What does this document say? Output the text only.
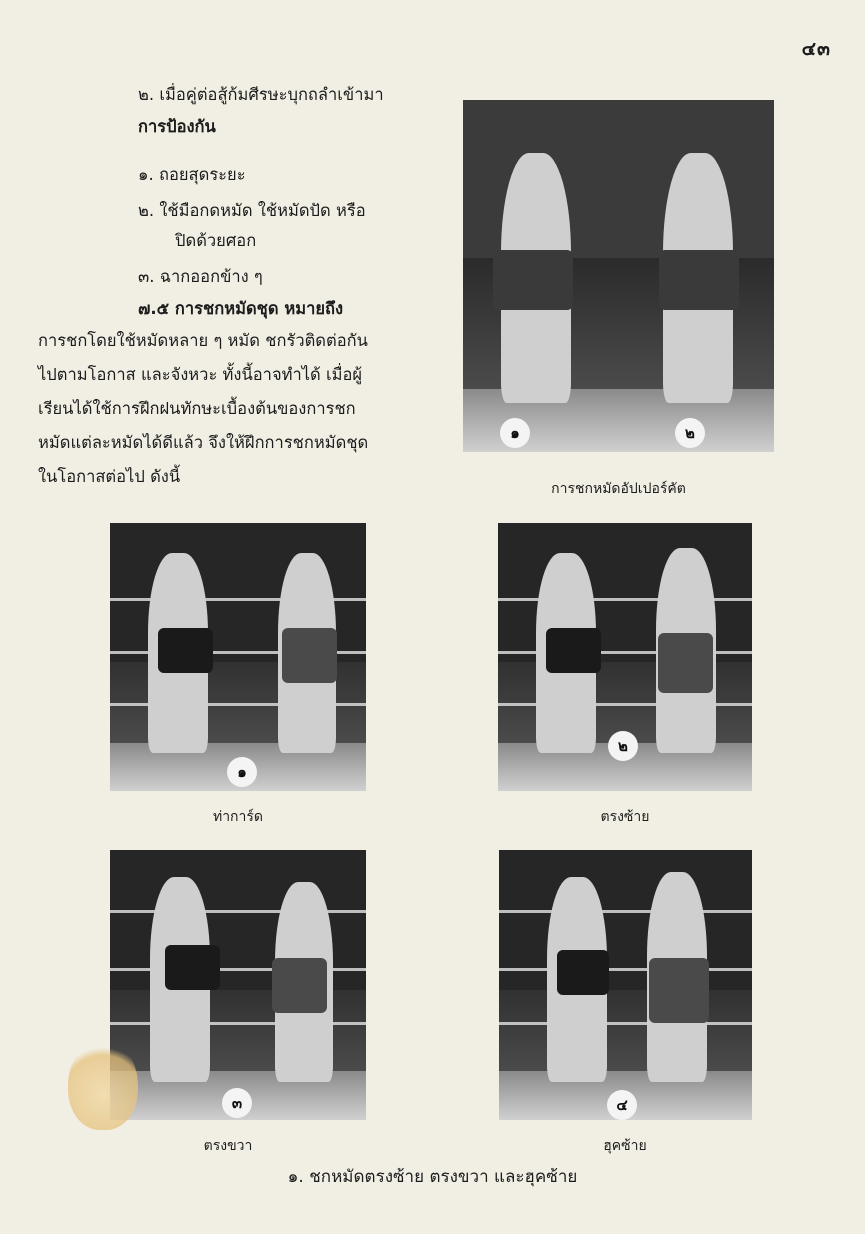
๔๓
๒. เมื่อคู่ต่อสู้ก้มศีรษะบุกถลำเข้ามา
การป้องกัน
๑. ถอยสุดระยะ
๒. ใช้มือกดหมัด ใช้หมัดปัด หรือ
ปิดด้วยศอก
๓. ฉากออกข้าง ๆ
๗.๕ การชกหมัดชุด หมายถึง
การชกโดยใช้หมัดหลาย ๆ หมัด ชกรัวติดต่อกัน
ไปตามโอกาส และจังหวะ ทั้งนี้อาจทำได้ เมื่อผู้
เรียนได้ใช้การฝึกฝนทักษะเบื้องต้นของการชก
หมัดแต่ละหมัดได้ดีแล้ว จึงให้ฝึกการชกหมัดชุด
ในโอกาสต่อไป ดังนี้
๑	๒
การชกหมัดอัปเปอร์คัต
๑
ท่าการ์ด
๒
ตรงซ้าย
๓
ตรงขวา
๔
ฮุคซ้าย
๑. ชกหมัดตรงซ้าย ตรงขวา และฮุคซ้าย
